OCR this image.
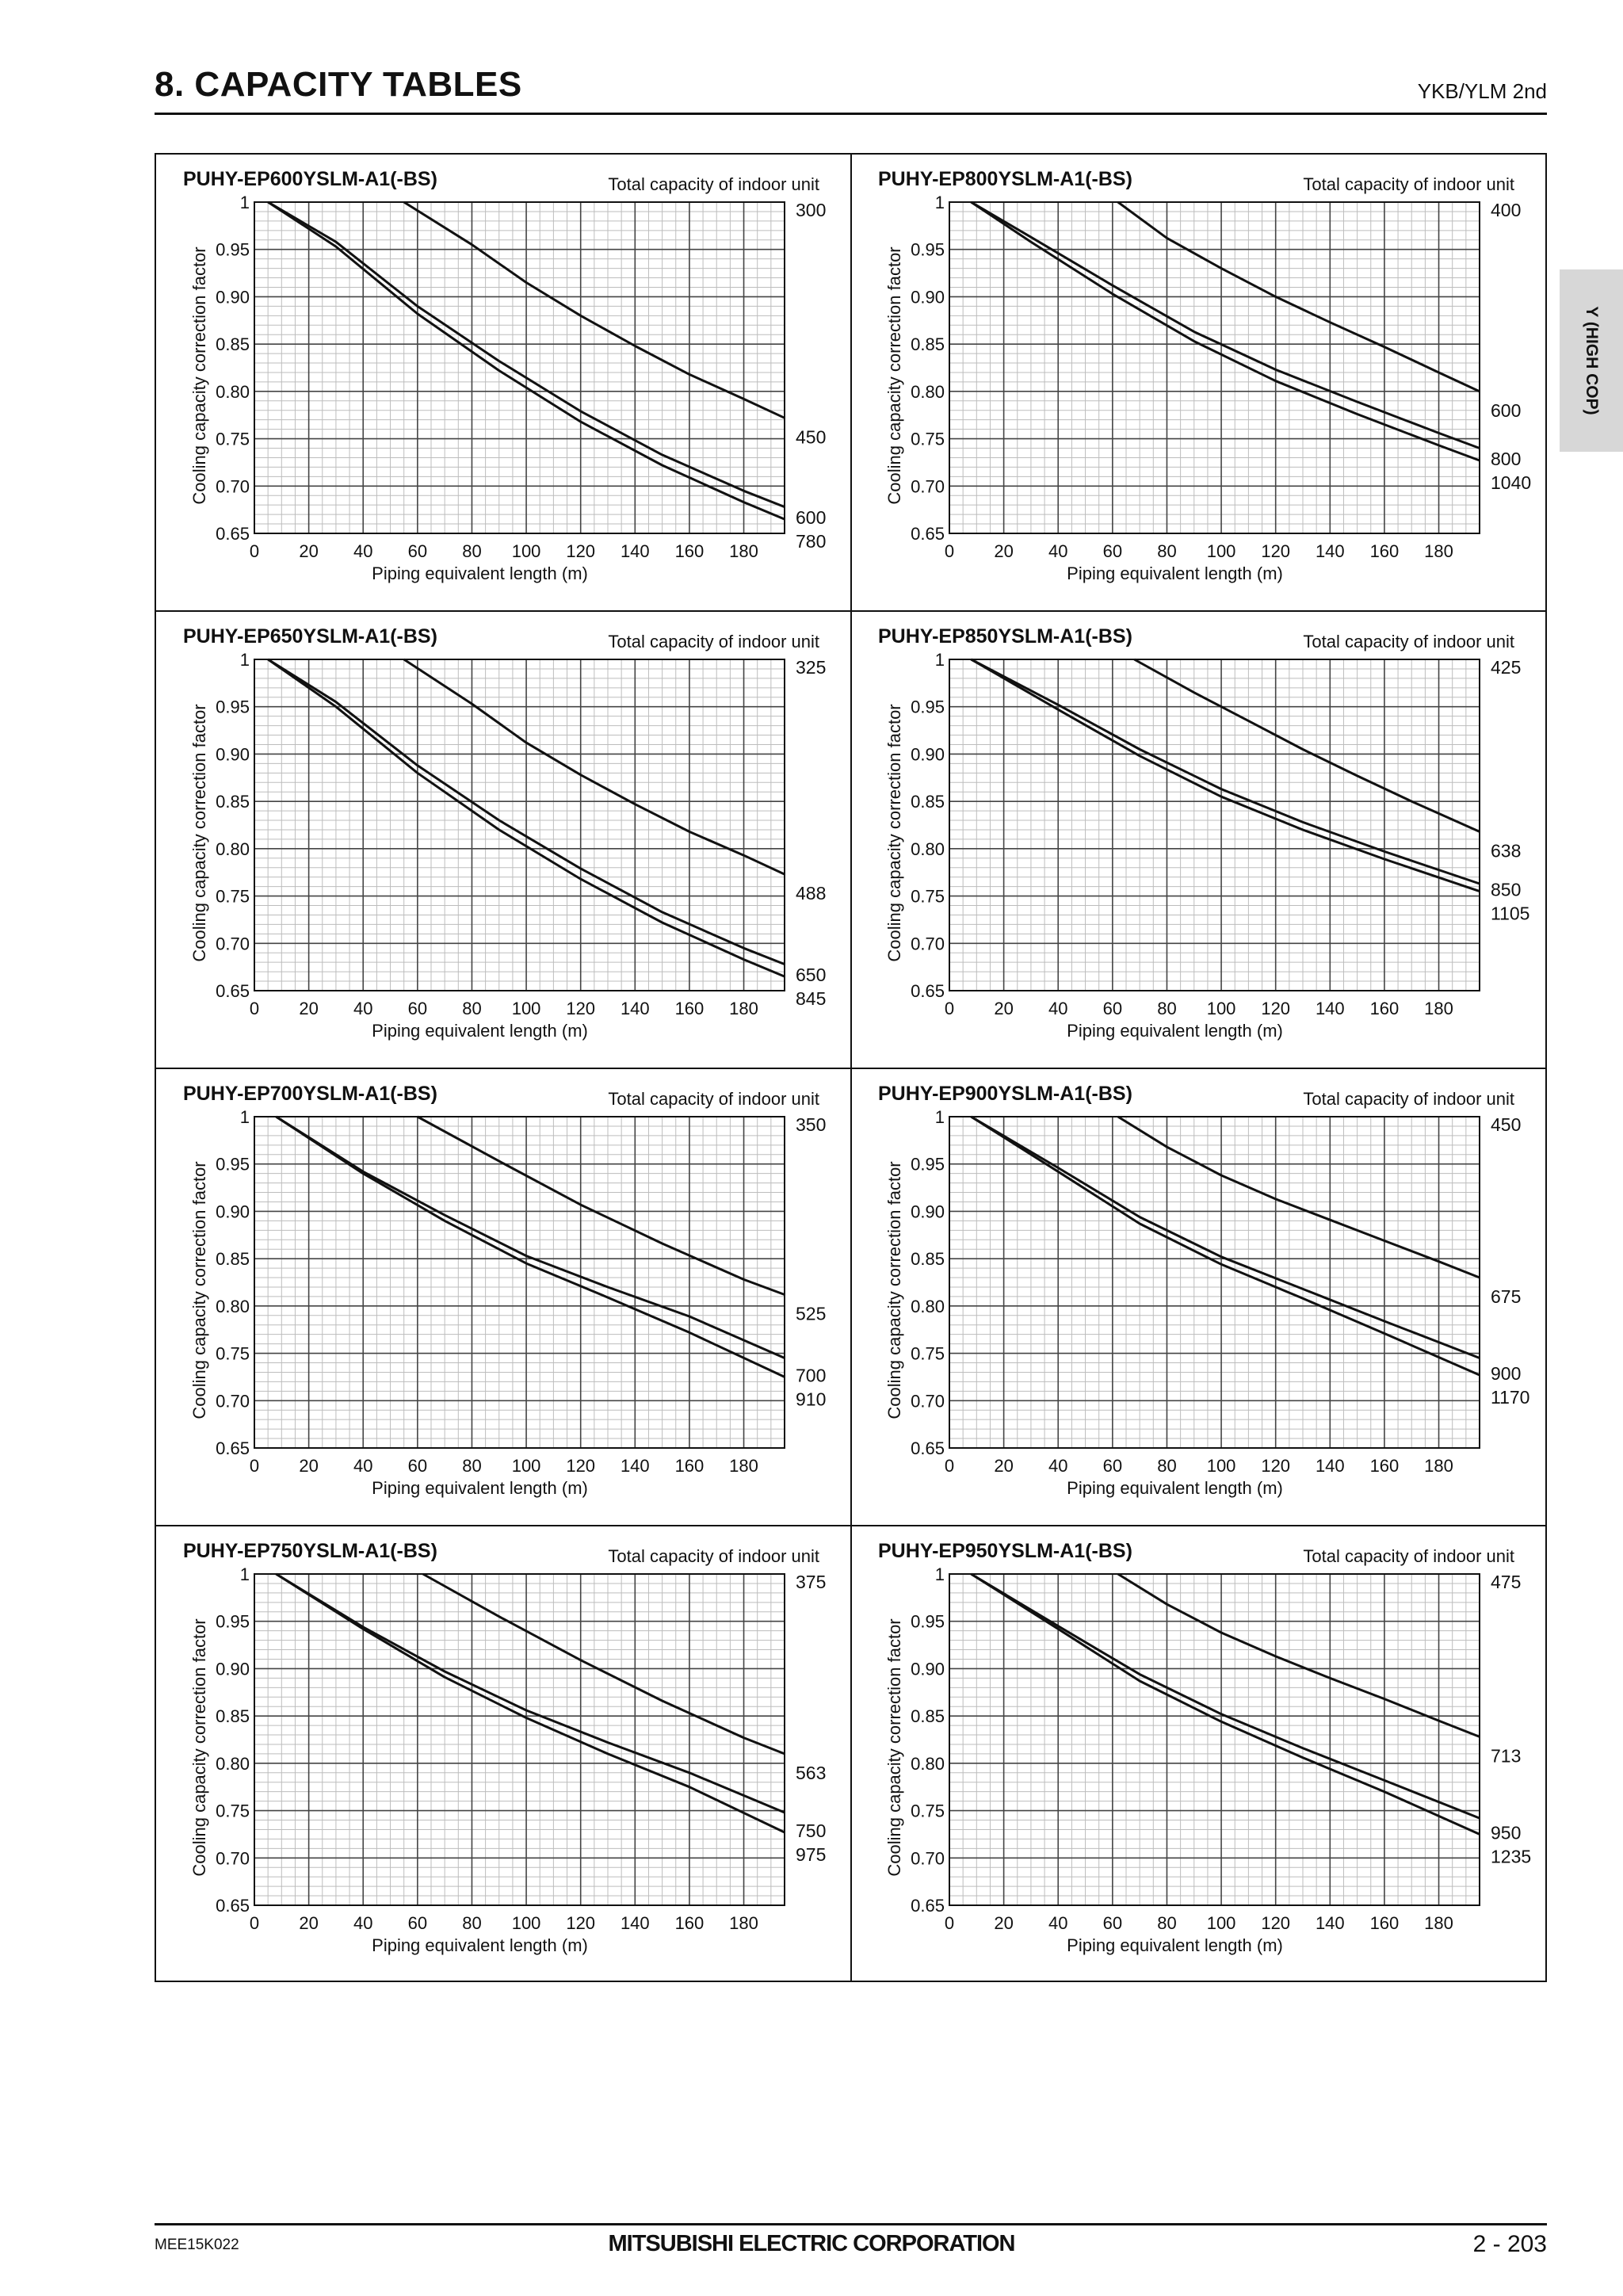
8. CAPACITY TABLES	YKB/YLM 2nd
Y (HIGH COP)
PUHY-EP600YSLM-A1(-BS)	Total capacity of indoor unit
0 20 40 60 80 100 120 140 160 180
1
0.95
0.90
0.85
0.80
0.75
0.70
0.65
Piping equivalent length (m)
Cooling capacity correction factor
300
450
600
780
PUHY-EP800YSLM-A1(-BS)	Total capacity of indoor unit
0 20 40 60 80 100 120 140 160 180
1
0.95
0.90
0.85
0.80
0.75
0.70
0.65
Piping equivalent length (m)
Cooling capacity correction factor
400
600
800
1040
PUHY-EP650YSLM-A1(-BS)	Total capacity of indoor unit
0 20 40 60 80 100 120 140 160 180
1
0.95
0.90
0.85
0.80
0.75
0.70
0.65
Piping equivalent length (m)
Cooling capacity correction factor
325
488
650
845
PUHY-EP850YSLM-A1(-BS)	Total capacity of indoor unit
0 20 40 60 80 100 120 140 160 180
1
0.95
0.90
0.85
0.80
0.75
0.70
0.65
Piping equivalent length (m)
Cooling capacity correction factor
425
638
850
1105
PUHY-EP700YSLM-A1(-BS)	Total capacity of indoor unit
0 20 40 60 80 100 120 140 160 180
1
0.95
0.90
0.85
0.80
0.75
0.70
0.65
Piping equivalent length (m)
Cooling capacity correction factor
350
525
700
910
PUHY-EP900YSLM-A1(-BS)	Total capacity of indoor unit
0 20 40 60 80 100 120 140 160 180
1
0.95
0.90
0.85
0.80
0.75
0.70
0.65
Piping equivalent length (m)
Cooling capacity correction factor
450
675
900
1170
PUHY-EP750YSLM-A1(-BS)	Total capacity of indoor unit
0 20 40 60 80 100 120 140 160 180
1
0.95
0.90
0.85
0.80
0.75
0.70
0.65
Piping equivalent length (m)
Cooling capacity correction factor
375
563
750
975
PUHY-EP950YSLM-A1(-BS)	Total capacity of indoor unit
0 20 40 60 80 100 120 140 160 180
1
0.95
0.90
0.85
0.80
0.75
0.70
0.65
Piping equivalent length (m)
Cooling capacity correction factor
475
713
950
1235
MEE15K022	MITSUBISHI ELECTRIC CORPORATION	2 - 203
